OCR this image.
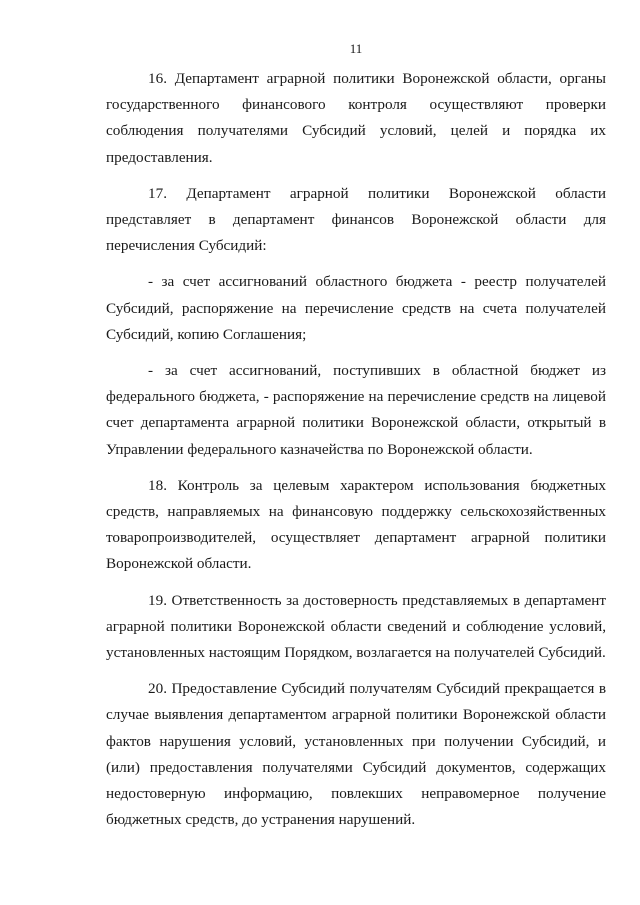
11

16. Департамент аграрной политики Воронежской области, органы государственного финансового контроля осуществляют проверки соблюдения получателями Субсидий условий, целей и порядка их предоставления.

17. Департамент аграрной политики Воронежской области представляет в департамент финансов Воронежской области для перечисления Субсидий:

- за счет ассигнований областного бюджета - реестр получателей Субсидий, распоряжение на перечисление средств на счета получателей Субсидий, копию Соглашения;

- за счет ассигнований, поступивших в областной бюджет из федерального бюджета, - распоряжение на перечисление средств на лицевой счет департамента аграрной политики Воронежской области, открытый в Управлении федерального казначейства по Воронежской области.

18. Контроль за целевым характером использования бюджетных средств, направляемых на финансовую поддержку сельскохозяйственных товаропроизводителей, осуществляет департамент аграрной политики Воронежской области.

19. Ответственность за достоверность представляемых в департамент аграрной политики Воронежской области сведений и соблюдение условий, установленных настоящим Порядком, возлагается на получателей Субсидий.

20. Предоставление Субсидий получателям Субсидий прекращается в случае выявления департаментом аграрной политики Воронежской области фактов нарушения условий, установленных при получении Субсидий, и (или) предоставления получателями Субсидий документов, содержащих недостоверную информацию, повлекших неправомерное получение бюджетных средств, до устранения нарушений.
